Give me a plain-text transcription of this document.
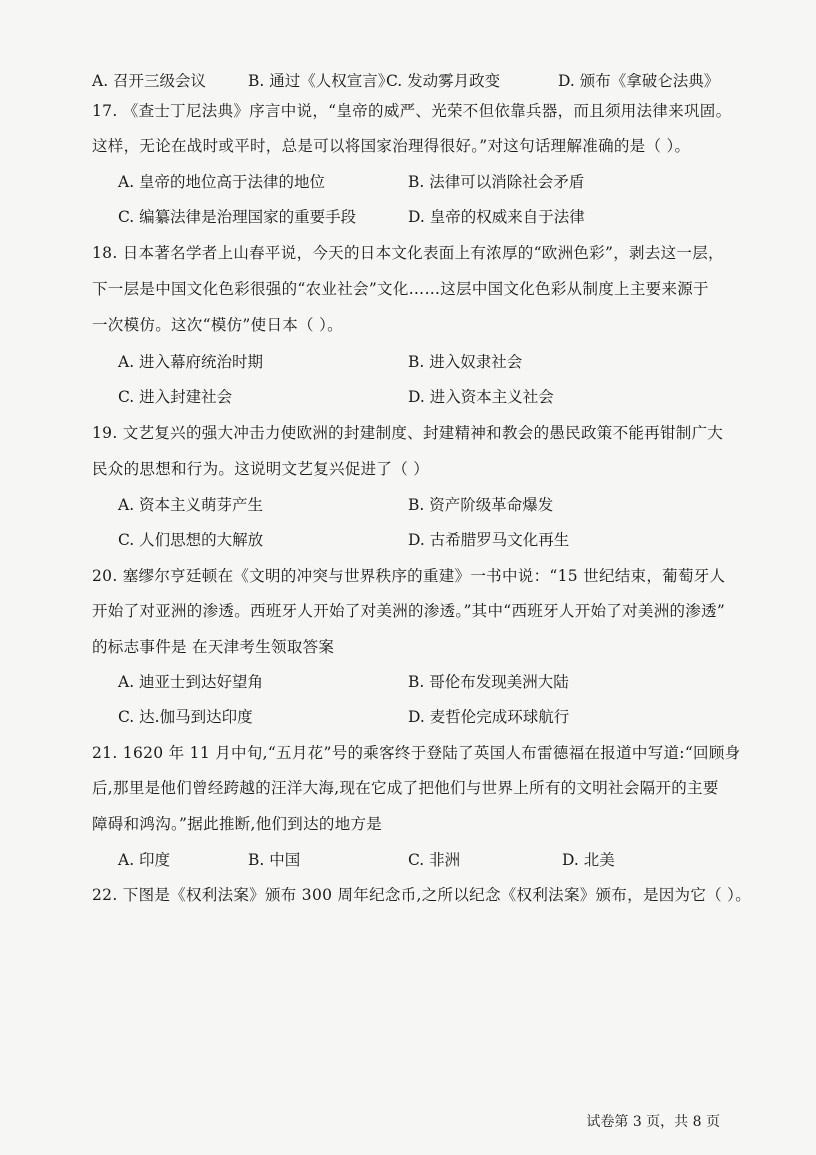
A. 召开三级会议	B. 通过《人权宣言》
C. 发动雾月政变	D. 颁布《拿破仑法典》
17. 《查士丁尼法典》序言中说，“皇帝的威严、光荣不但依靠兵器，而且须用法律来巩固。
这样，无论在战时或平时，总是可以将国家治理得很好。”对这句话理解准确的是（ ）。
A. 皇帝的地位高于法律的地位	B. 法律可以消除社会矛盾
C. 编纂法律是治理国家的重要手段	D. 皇帝的权威来自于法律
18. 日本著名学者上山春平说，今天的日本文化表面上有浓厚的“欧洲色彩”，剥去这一层，
下一层是中国文化色彩很强的“农业社会”文化……这层中国文化色彩从制度上主要来源于
一次模仿。这次“模仿”使日本（ ）。
A. 进入幕府统治时期	B. 进入奴隶社会
C. 进入封建社会	D. 进入资本主义社会
19. 文艺复兴的强大冲击力使欧洲的封建制度、封建精神和教会的愚民政策不能再钳制广大
民众的思想和行为。这说明文艺复兴促进了（ ）
A. 资本主义萌芽产生	B. 资产阶级革命爆发
C. 人们思想的大解放	D. 古希腊罗马文化再生
20. 塞缪尔亨廷顿在《文明的冲突与世界秩序的重建》一书中说：“15 世纪结束，葡萄牙人
开始了对亚洲的渗透。西班牙人开始了对美洲的渗透。”其中“西班牙人开始了对美洲的渗透”
的标志事件是 在天津考生领取答案
A. 迪亚士到达好望角	B. 哥伦布发现美洲大陆
C. 达.伽马到达印度	D. 麦哲伦完成环球航行
21. 1620 年 11 月中旬,“五月花”号的乘客终于登陆了英国人布雷德福在报道中写道:“回顾身
后,那里是他们曾经跨越的汪洋大海,现在它成了把他们与世界上所有的文明社会隔开的主要
障碍和鸿沟。”据此推断,他们到达的地方是
A. 印度	B. 中国	C. 非洲	D. 北美
22. 下图是《权利法案》颁布 300 周年纪念币,之所以纪念《权利法案》颁布，是因为它（ ）。
试卷第 3 页，共 8 页
